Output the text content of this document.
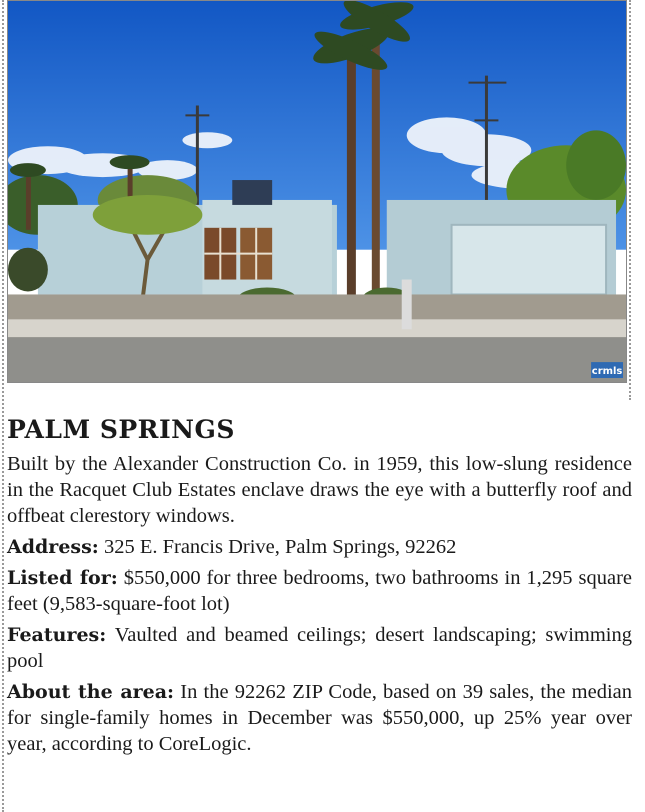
crmls
PALM SPRINGS

Built by the Alexander Construction Co. in 1959, this low-slung residence in the Racquet Club Estates enclave draws the eye with a butterfly roof and offbeat clerestory windows.

Address: 325 E. Francis Drive, Palm Springs, 92262

Listed for: $550,000 for three bedrooms, two bathrooms in 1,295 square feet (9,583-square-foot lot)

Features: Vaulted and beamed ceilings; desert landscaping; swimming pool

About the area: In the 92262 ZIP Code, based on 39 sales, the median for single-family homes in December was $550,000, up 25% year over year, according to CoreLogic.
